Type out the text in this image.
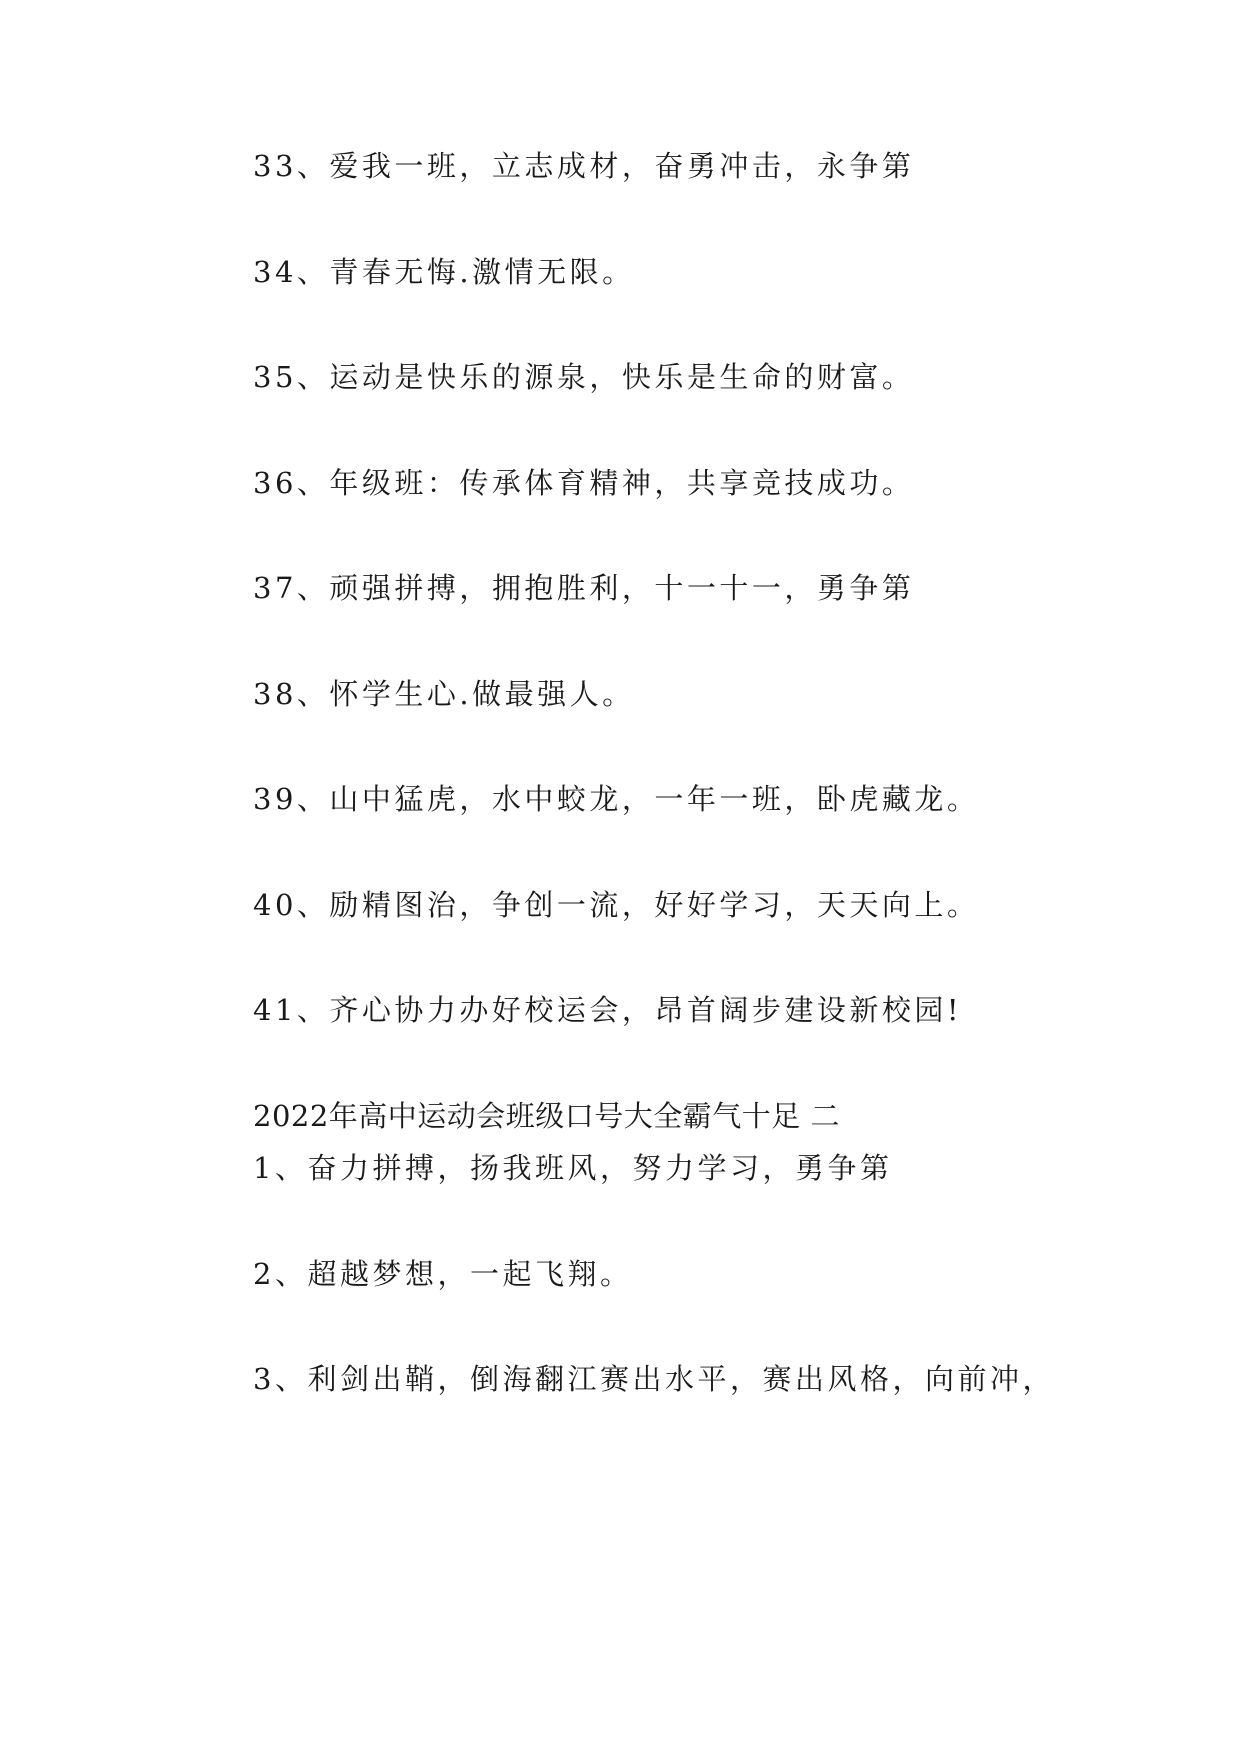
33、爱我一班，立志成材，奋勇冲击，永争第
34、青春无悔.激情无限。
35、运动是快乐的源泉，快乐是生命的财富。
36、年级班：传承体育精神，共享竞技成功。
37、顽强拼搏，拥抱胜利，十一十一，勇争第
38、怀学生心.做最强人。
39、山中猛虎，水中蛟龙，一年一班，卧虎藏龙。
40、励精图治，争创一流，好好学习，天天向上。
41、齐心协力办好校运会，昂首阔步建设新校园!
2022年高中运动会班级口号大全霸气十足 二
1、奋力拼搏，扬我班风，努力学习，勇争第
2、超越梦想，一起飞翔。
3、利剑出鞘，倒海翻江赛出水平，赛出风格，向前冲，
